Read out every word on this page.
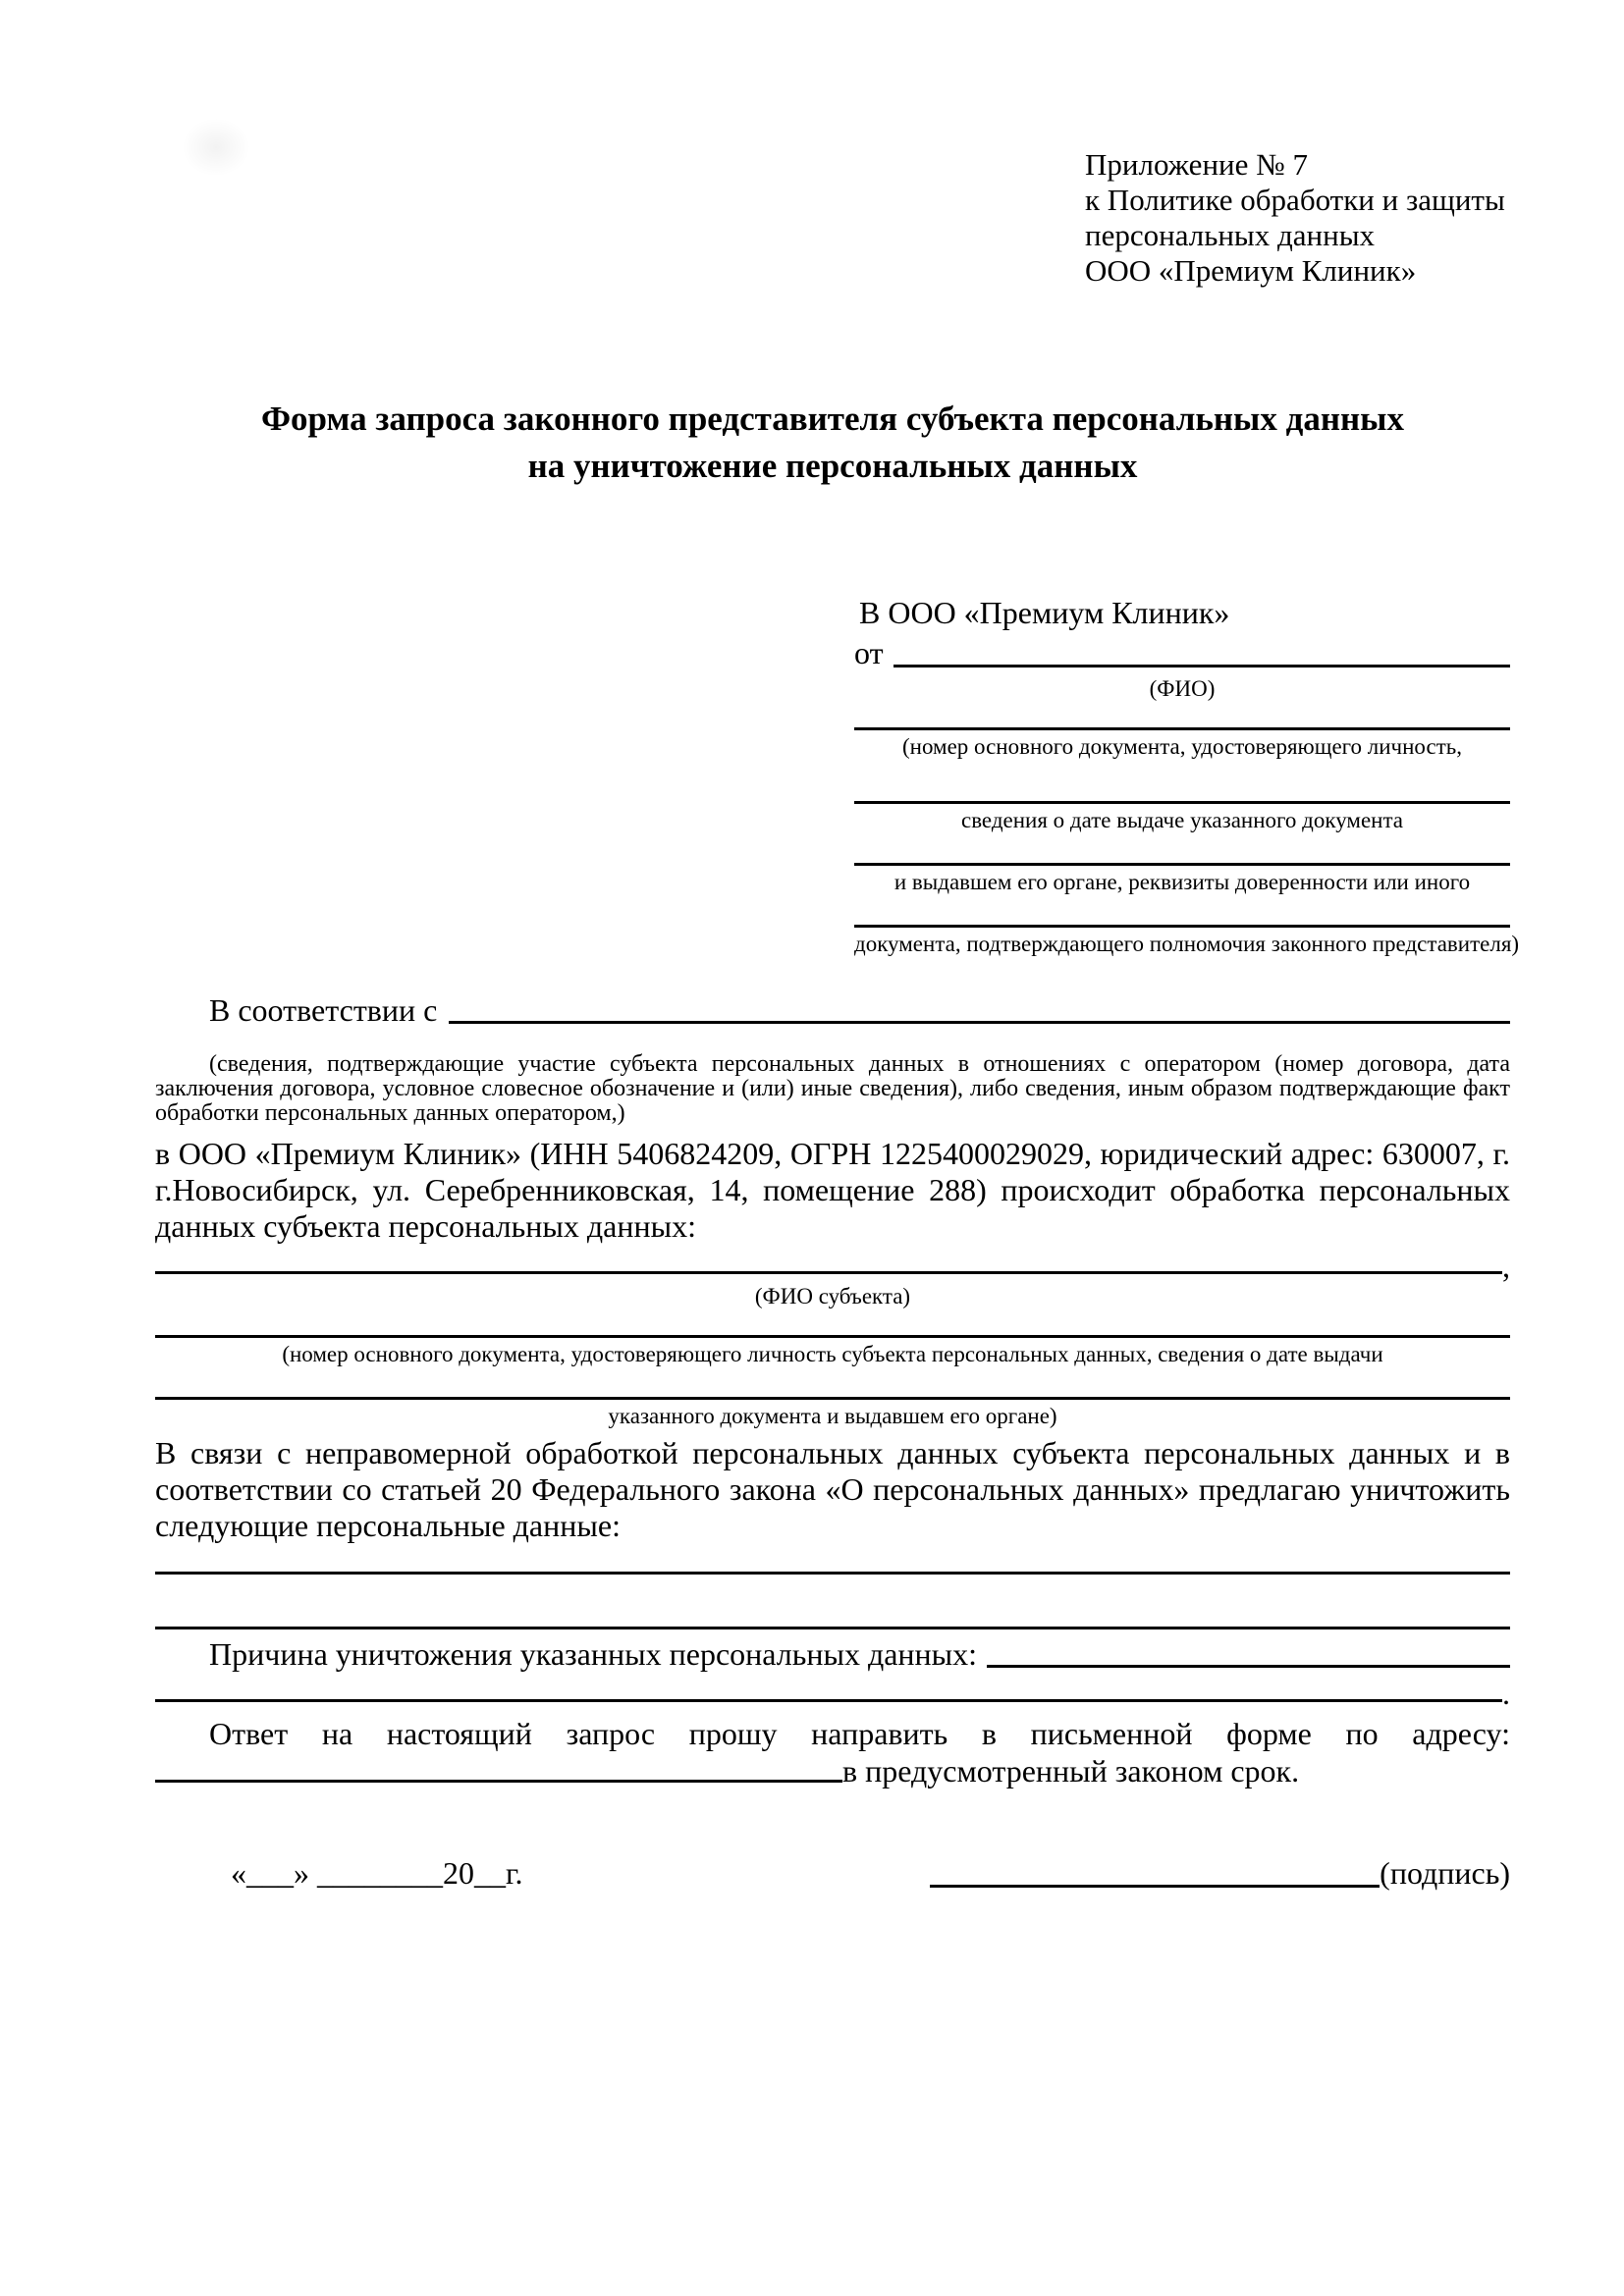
Приложение № 7
к Политике обработки и защиты
персональных данных
ООО «Премиум Клиник»
Форма запроса законного представителя субъекта персональных данных
на уничтожение персональных данных
В ООО «Премиум Клиник»
от
(ФИО)
(номер основного документа, удостоверяющего личность,
сведения о дате выдаче указанного документа
и выдавшем его органе, реквизиты доверенности или иного
документа, подтверждающего полномочия законного представителя)
В соответствии с
(сведения, подтверждающие участие субъекта персональных данных в отношениях с оператором (номер договора, дата заключения договора, условное словесное обозначение и (или) иные сведения), либо сведения, иным образом подтверждающие факт обработки персональных данных оператором,)

в ООО «Премиум Клиник» (ИНН 5406824209, ОГРН 1225400029029, юридический адрес: 630007, г. г.Новосибирск, ул. Серебренниковская, 14, помещение 288) происходит обработка персональных данных субъекта персональных данных:

,
(ФИО субъекта)
(номер основного документа, удостоверяющего личность субъекта персональных данных, сведения о дате выдачи
указанного документа и выдавшем его органе)

В связи с неправомерной обработкой персональных данных субъекта персональных данных и в соответствии со статьей 20 Федерального закона «О персональных данных» предлагаю уничтожить следующие персональные данные:

Причина уничтожения указанных персональных данных:
.

Ответ на настоящий запрос прошу направить в письменной форме по адресу:

в предусмотренный законом срок.
«___» ________20__г.	(подпись)
